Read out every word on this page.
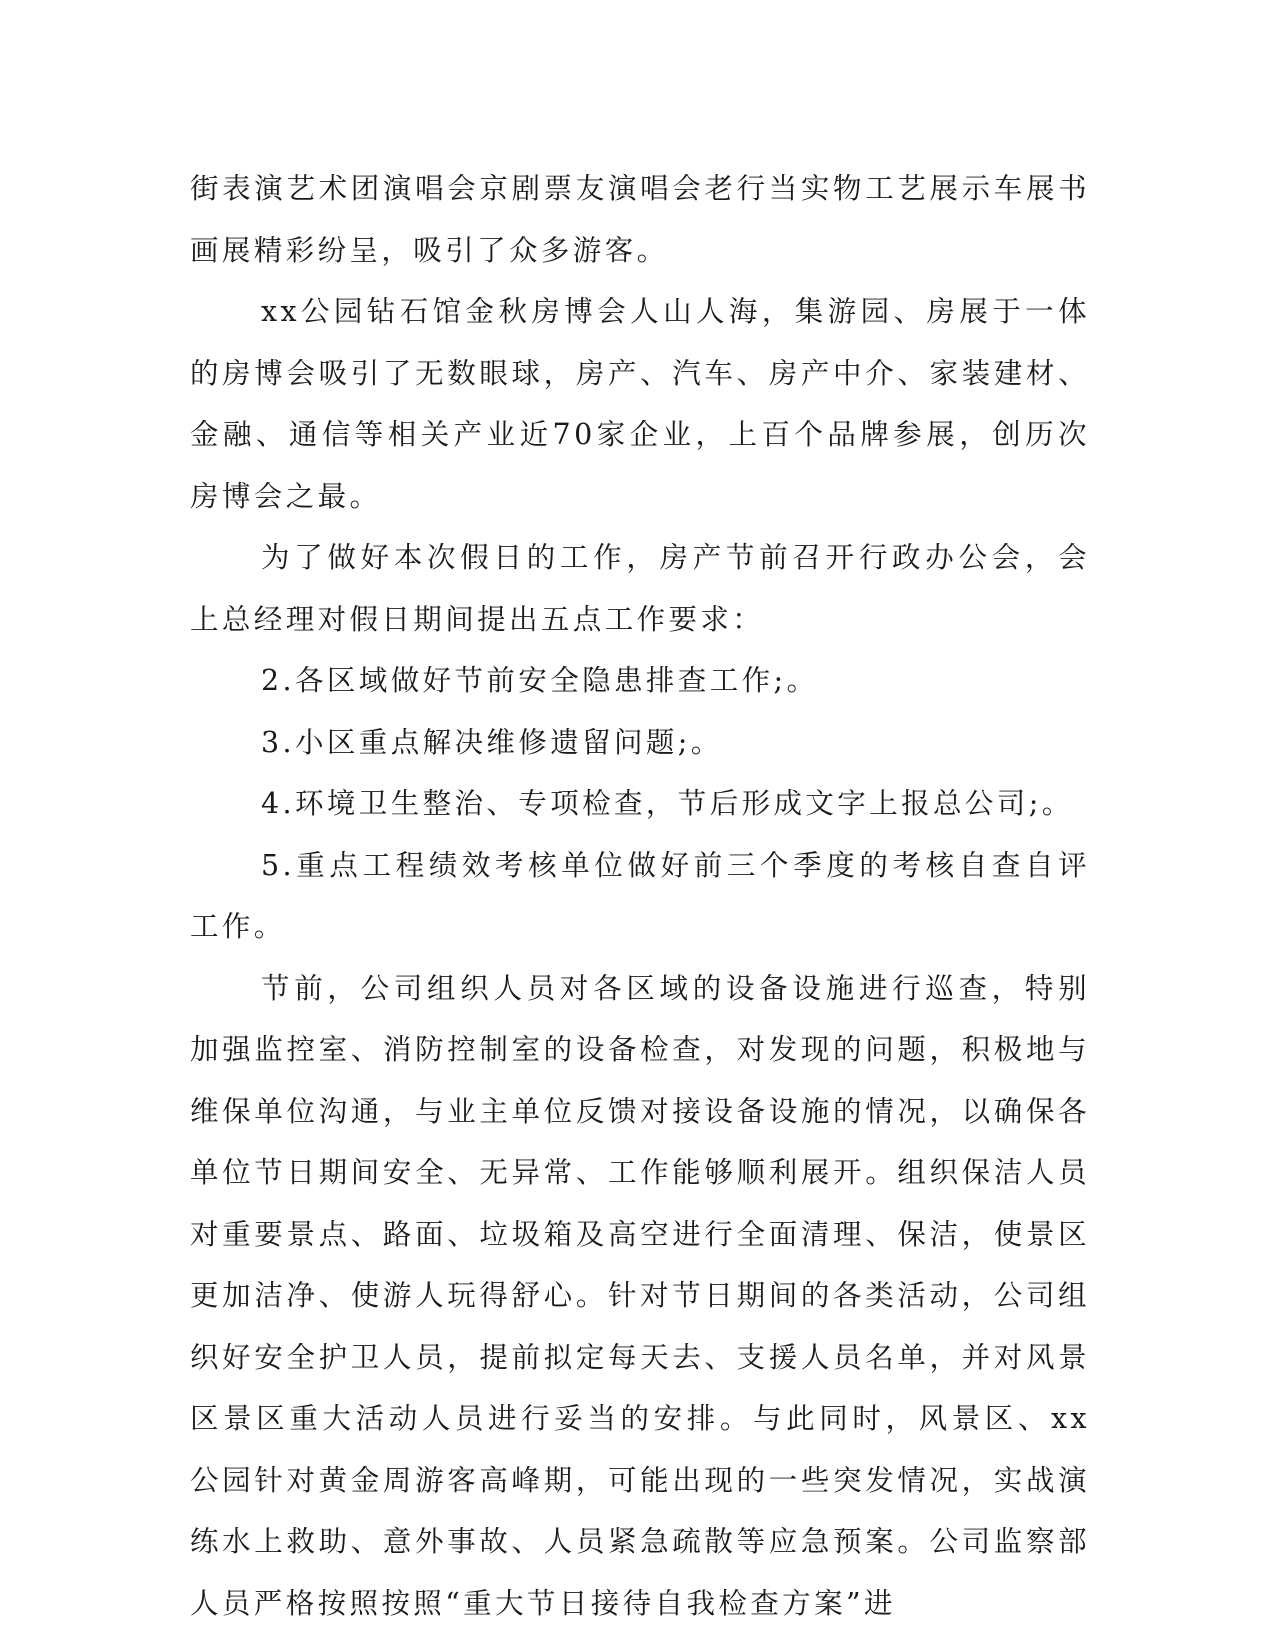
街表演艺术团演唱会京剧票友演唱会老行当实物工艺展示车展书画展精彩纷呈，吸引了众多游客。

xx公园钻石馆金秋房博会人山人海，集游园、房展于一体的房博会吸引了无数眼球，房产、汽车、房产中介、家装建材、金融、通信等相关产业近70家企业，上百个品牌参展，创历次房博会之最。

为了做好本次假日的工作，房产节前召开行政办公会，会上总经理对假日期间提出五点工作要求：

2.各区域做好节前安全隐患排查工作;。

3.小区重点解决维修遗留问题;。

4.环境卫生整治、专项检查，节后形成文字上报总公司;。

5.重点工程绩效考核单位做好前三个季度的考核自查自评工作。

节前，公司组织人员对各区域的设备设施进行巡查，特别加强监控室、消防控制室的设备检查，对发现的问题，积极地与维保单位沟通，与业主单位反馈对接设备设施的情况，以确保各单位节日期间安全、无异常、工作能够顺利展开。组织保洁人员对重要景点、路面、垃圾箱及高空进行全面清理、保洁，使景区更加洁净、使游人玩得舒心。针对节日期间的各类活动，公司组织好安全护卫人员，提前拟定每天去、支援人员名单，并对风景区景区重大活动人员进行妥当的安排。与此同时，风景区、xx公园针对黄金周游客高峰期，可能出现的一些突发情况，实战演练水上救助、意外事故、人员紧急疏散等应急预案。公司监察部人员严格按照按照“重大节日接待自我检查方案”进
